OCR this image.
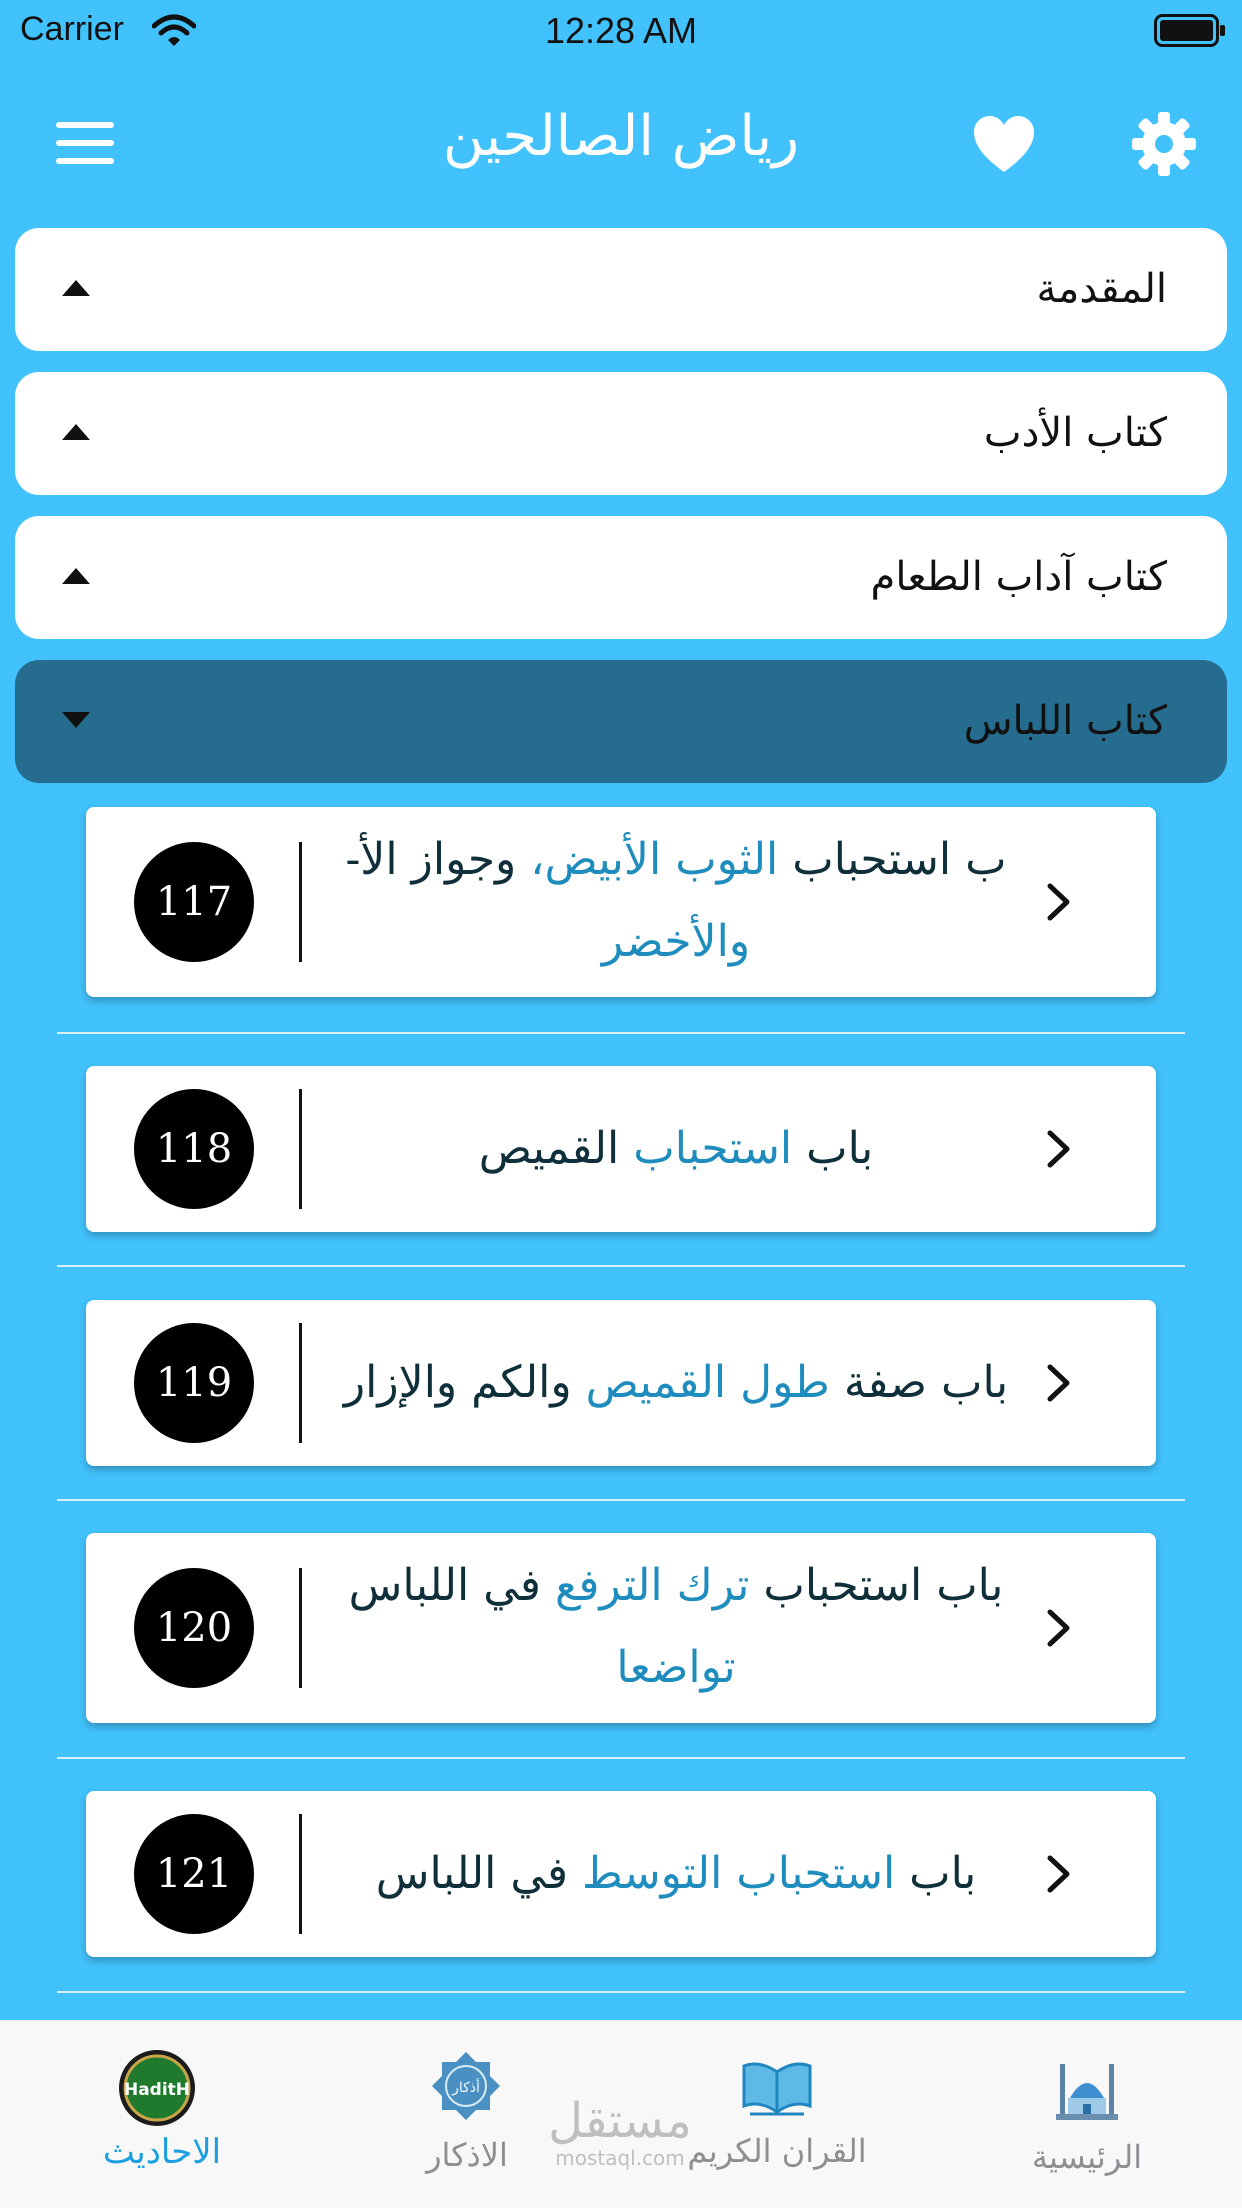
Carrier	12:28 AM
رياض الصالحين
المقدمة
كتاب الأدب
كتاب آداب الطعام
كتاب اللباس
ب استحباب الثوب الأبيض، وجواز الأ-
والأخضر
117
باب استحباب القميص
118
باب صفة طول القميص والكم والإزار
119
باب استحباب ترك الترفع في اللباس
تواضعا
120
باب استحباب التوسط في اللباس
121
HaditH
الاحاديث
أذكار
الاذكار	القران الكريم	الرئيسية
مستقل
mostaql.com
